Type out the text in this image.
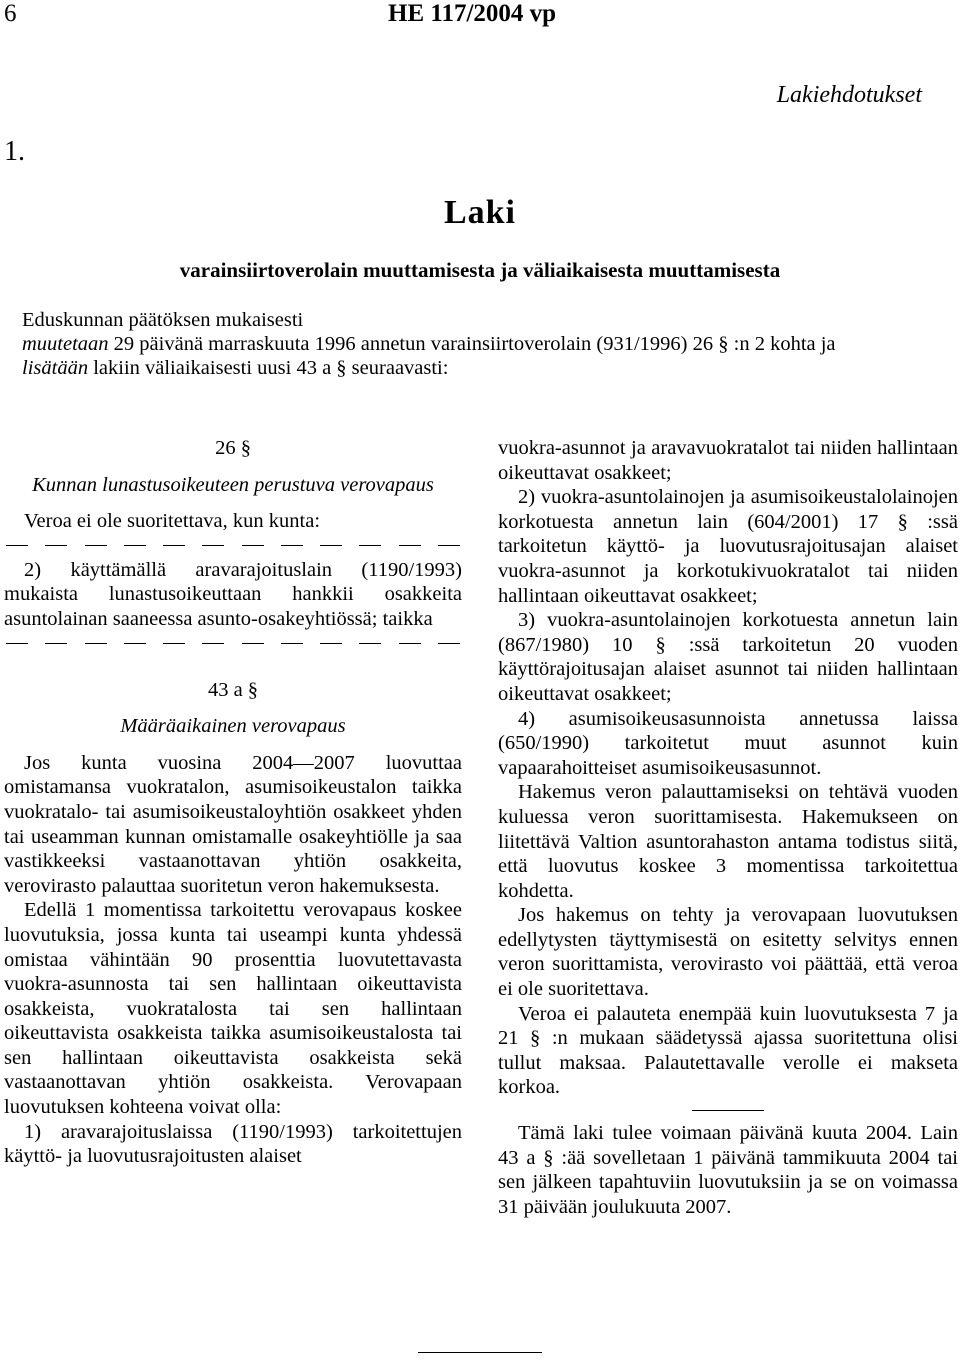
6	HE 117/2004 vp
Lakiehdotukset
1.
Laki
varainsiirtoverolain muuttamisesta ja väliaikaisesta muuttamisesta

Eduskunnan päätöksen mukaisesti

muutetaan 29 päivänä marraskuuta 1996 annetun varainsiirtoverolain (931/1996) 26 § :n 2 kohta ja

lisätään lakiin väliaikaisesti uusi 43 a § seuraavasti:

26 §

Kunnan lunastusoikeuteen perustuva verovapaus

Veroa ei ole suoritettava, kun kunta:

2) käyttämällä aravarajoituslain (1190/1993) mukaista lunastusoikeuttaan hankkii osakkeita asuntolainan saaneessa asunto-osakeyhtiössä; taikka

43 a §

Määräaikainen verovapaus

Jos kunta vuosina 2004—2007 luovuttaa omistamansa vuokratalon, asumisoikeustalon taikka vuokratalo- tai asumisoikeustaloyhtiön osakkeet yhden tai useamman kunnan omistamalle osakeyhtiölle ja saa vastikkeeksi vastaanottavan yhtiön osakkeita, verovirasto palauttaa suoritetun veron hakemuksesta.

Edellä 1 momentissa tarkoitettu verovapaus koskee luovutuksia, jossa kunta tai useampi kunta yhdessä omistaa vähintään 90 prosenttia luovutettavasta vuokra-asunnosta tai sen hallintaan oikeuttavista osakkeista, vuokratalosta tai sen hallintaan oikeuttavista osakkeista taikka asumisoikeustalosta tai sen hallintaan oikeuttavista osakkeista sekä vastaanottavan yhtiön osakkeista. Verovapaan luovutuksen kohteena voivat olla:

1) aravarajoituslaissa (1190/1993) tarkoitettujen käyttö- ja luovutusrajoitusten alaiset

vuokra-asunnot ja aravavuokratalot tai niiden hallintaan oikeuttavat osakkeet;

2) vuokra-asuntolainojen ja asumisoikeustalolainojen korkotuesta annetun lain (604/2001) 17 § :ssä tarkoitetun käyttö- ja luovutusrajoitusajan alaiset vuokra-asunnot ja korkotukivuokratalot tai niiden hallintaan oikeuttavat osakkeet;

3) vuokra-asuntolainojen korkotuesta annetun lain (867/1980) 10 § :ssä tarkoitetun 20 vuoden käyttörajoitusajan alaiset asunnot tai niiden hallintaan oikeuttavat osakkeet;

4) asumisoikeusasunnoista annetussa laissa (650/1990) tarkoitetut muut asunnot kuin vapaarahoitteiset asumisoikeusasunnot.

Hakemus veron palauttamiseksi on tehtävä vuoden kuluessa veron suorittamisesta. Hakemukseen on liitettävä Valtion asuntorahaston antama todistus siitä, että luovutus koskee 3 momentissa tarkoitettua kohdetta.

Jos hakemus on tehty ja verovapaan luovutuksen edellytysten täyttymisestä on esitetty selvitys ennen veron suorittamista, verovirasto voi päättää, että veroa ei ole suoritettava.

Veroa ei palauteta enempää kuin luovutuksesta 7 ja 21 § :n mukaan säädetyssä ajassa suoritettuna olisi tullut maksaa. Palautettavalle verolle ei makseta korkoa.

Tämä laki tulee voimaan päivänä kuuta 2004. Lain 43 a § :ää sovelletaan 1 päivänä tammikuuta 2004 tai sen jälkeen tapahtuviin luovutuksiin ja se on voimassa 31 päivään joulukuuta 2007.
